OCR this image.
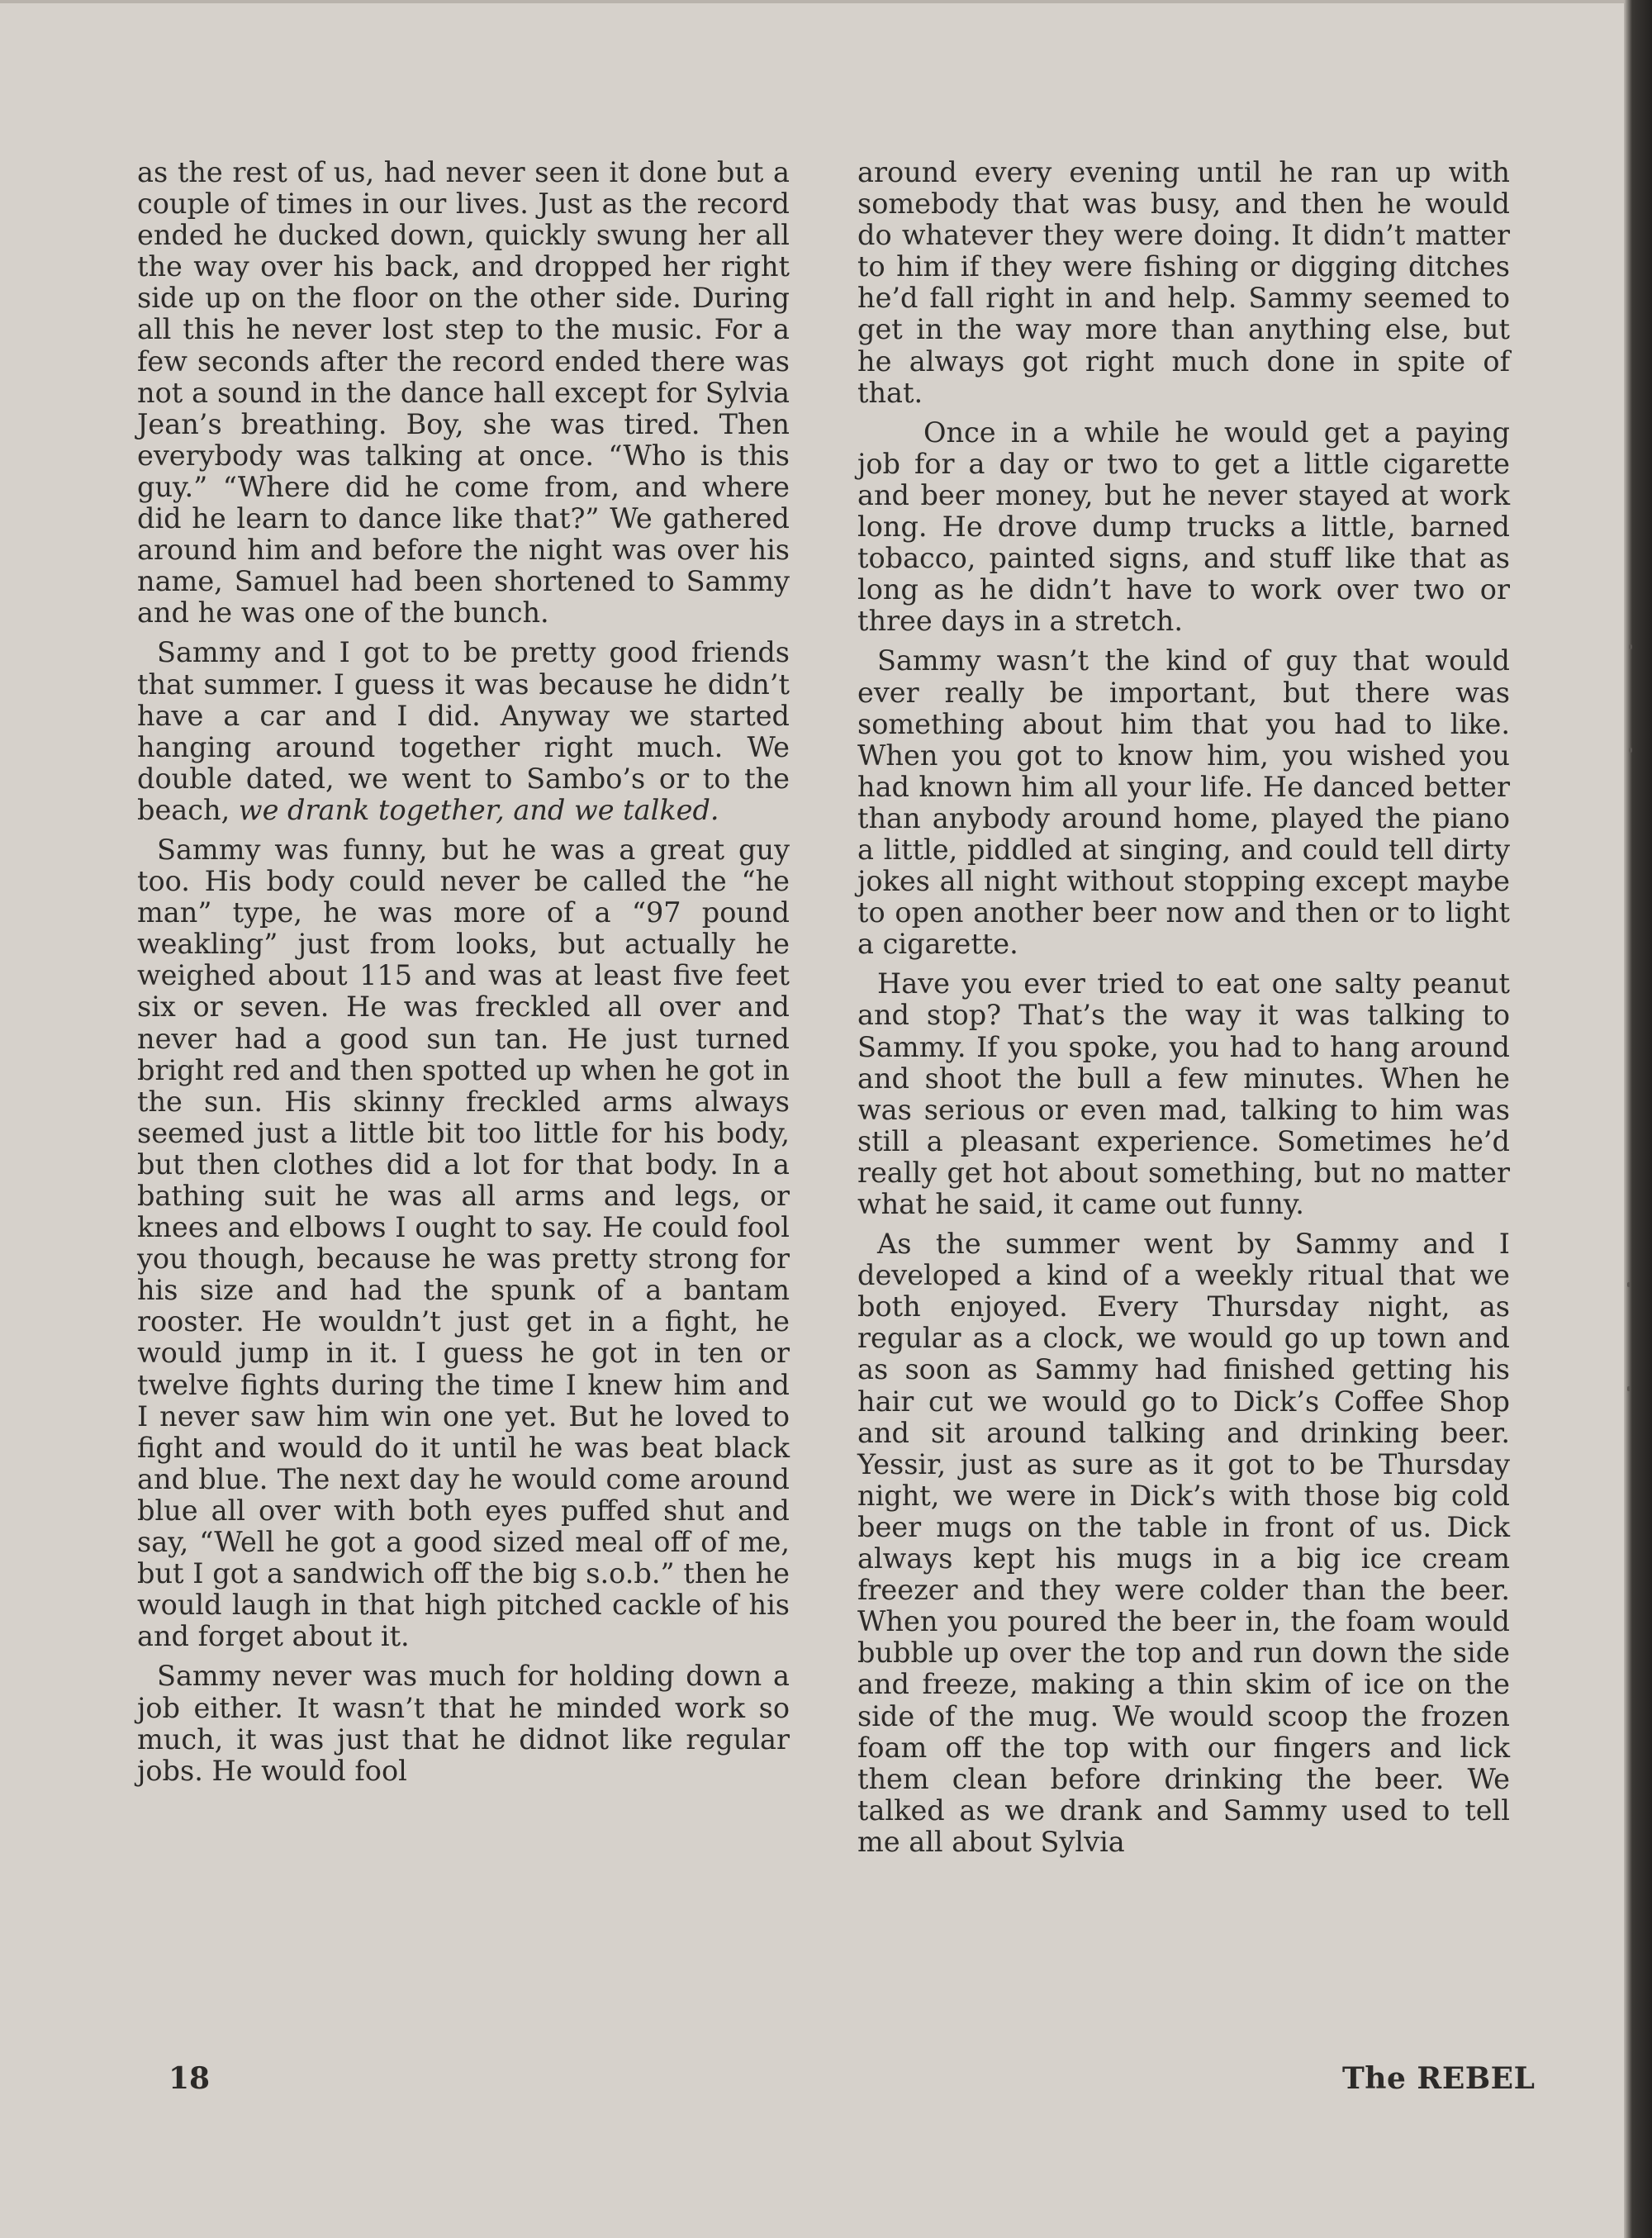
as the rest of us, had never seen it done but a couple of times in our lives. Just as the record ended he ducked down, quickly swung her all the way over his back, and dropped her right side up on the floor on the other side. During all this he never lost step to the music. For a few seconds after the record ended there was not a sound in the dance hall except for Sylvia Jean’s breathing. Boy, she was tired. Then everybody was talking at once. “Who is this guy.” “Where did he come from, and where did he learn to dance like that?” We gathered around him and before the night was over his name, Samuel had been shortened to Sammy and he was one of the bunch.

Sammy and I got to be pretty good friends that summer. I guess it was because he didn’t have a car and I did. Anyway we started hanging around together right much. We double dated, we went to Sambo’s or to the beach, we drank together, and we talked.

Sammy was funny, but he was a great guy too. His body could never be called the “he man” type, he was more of a “97 pound weakling” just from looks, but actually he weighed about 115 and was at least five feet six or seven. He was freckled all over and never had a good sun tan. He just turned bright red and then spotted up when he got in the sun. His skinny freckled arms always seemed just a little bit too little for his body, but then clothes did a lot for that body. In a bathing suit he was all arms and legs, or knees and elbows I ought to say. He could fool you though, because he was pretty strong for his size and had the spunk of a bantam rooster. He wouldn’t just get in a fight, he would jump in it. I guess he got in ten or twelve fights during the time I knew him and I never saw him win one yet. But he loved to fight and would do it until he was beat black and blue. The next day he would come around blue all over with both eyes puffed shut and say, “Well he got a good sized meal off of me, but I got a sandwich off the big s.o.b.” then he would laugh in that high pitched cackle of his and forget about it.

Sammy never was much for holding down a job either. It wasn’t that he minded work so much, it was just that he didnot like regular jobs. He would fool

around every evening until he ran up with somebody that was busy, and then he would do whatever they were doing. It didn’t matter to him if they were fishing or digging ditches he’d fall right in and help. Sammy seemed to get in the way more than anything else, but he always got right much done in spite of that.

Once in a while he would get a paying job for a day or two to get a little cigarette and beer money, but he never stayed at work long. He drove dump trucks a little, barned tobacco, painted signs, and stuff like that as long as he didn’t have to work over two or three days in a stretch.

Sammy wasn’t the kind of guy that would ever really be important, but there was something about him that you had to like. When you got to know him, you wished you had known him all your life. He danced better than anybody around home, played the piano a little, piddled at singing, and could tell dirty jokes all night without stopping except maybe to open another beer now and then or to light a cigarette.

Have you ever tried to eat one salty peanut and stop? That’s the way it was talking to Sammy. If you spoke, you had to hang around and shoot the bull a few minutes. When he was serious or even mad, talking to him was still a pleasant experience. Sometimes he’d really get hot about something, but no matter what he said, it came out funny.

As the summer went by Sammy and I developed a kind of a weekly ritual that we both enjoyed. Every Thursday night, as regular as a clock, we would go up town and as soon as Sammy had finished getting his hair cut we would go to Dick’s Coffee Shop and sit around talking and drinking beer. Yessir, just as sure as it got to be Thursday night, we were in Dick’s with those big cold beer mugs on the table in front of us. Dick always kept his mugs in a big ice cream freezer and they were colder than the beer. When you poured the beer in, the foam would bubble up over the top and run down the side and freeze, making a thin skim of ice on the side of the mug. We would scoop the frozen foam off the top with our fingers and lick them clean before drinking the beer. We talked as we drank and Sammy used to tell me all about Sylvia

18	The REBEL
